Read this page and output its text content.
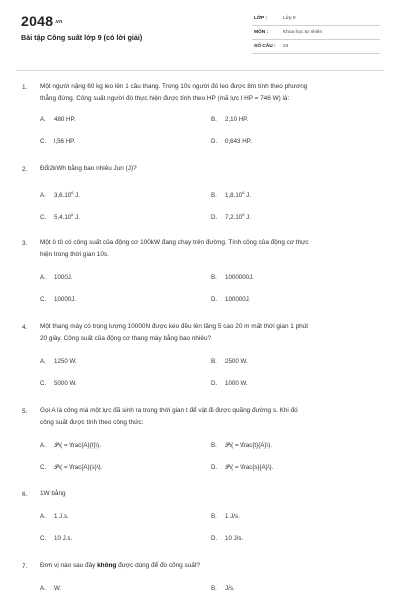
2048.vn
Bài tập Công suất lớp 9 (có lời giải)
LỚP :	Lớp 9
MÔN :	Khoa học tự nhiên
SỐ CÂU : 24
1. Một người nặng 60 kg leo lên 1 cầu thang. Trong 10s người đó leo được 8m tính theo phương
thẳng đứng. Công suất người đó thực hiện được tính theo HP (mã lực l HP = 746 W) là:
A. 480 HP.	B. 2,10 HP.
C. l,56 HP.	D. 0,643 HP.
2. Đổi2kWh bằng bao nhiêu Jun (J)?
A. 3,6.10$^6$ J.	B. 1,8.10$^6$ J.
C. 5,4.10$^6$ J.	D. 7,2.10$^6$ J.
3. Một ô tô có công suất của động cơ 100kW đang chạy trên đường. Tính công của động cơ thực
hiện trong thời gian 10s.
A. 1000J.	B. 1000000J.
C. 10000J.	D. 100000J.
4. Một thang máy có trọng lượng 10000N được kéo đều lên tầng 5 cao 20 m mất thời gian 1 phút
20 giây. Công suất của động cơ thang máy bằng bao nhiêu?
A. 1250 W.	B. 2500 W.
C. 5000 W.	D. 1000 W.
5. Gọi A là công mà một lực đã sinh ra trong thời gian t để vật đi được quãng đường s. Khi đó
công suất được tính theo công thức:
A. 𝒫\( = \frac{A}{t}\).	B. 𝒫\( = \frac{t}{A}\).
C. 𝒫\( = \frac{A}{s}\).	D. 𝒫\( = \frac{s}{A}\).
6. 1W bằng
A. 1 J.s.	B. 1 J/s.
C. 10 J.s.	D. 10 J/s.
7. Đơn vị nào sau đây không được dùng để đo công suất?
A. W.	B. J/s.
